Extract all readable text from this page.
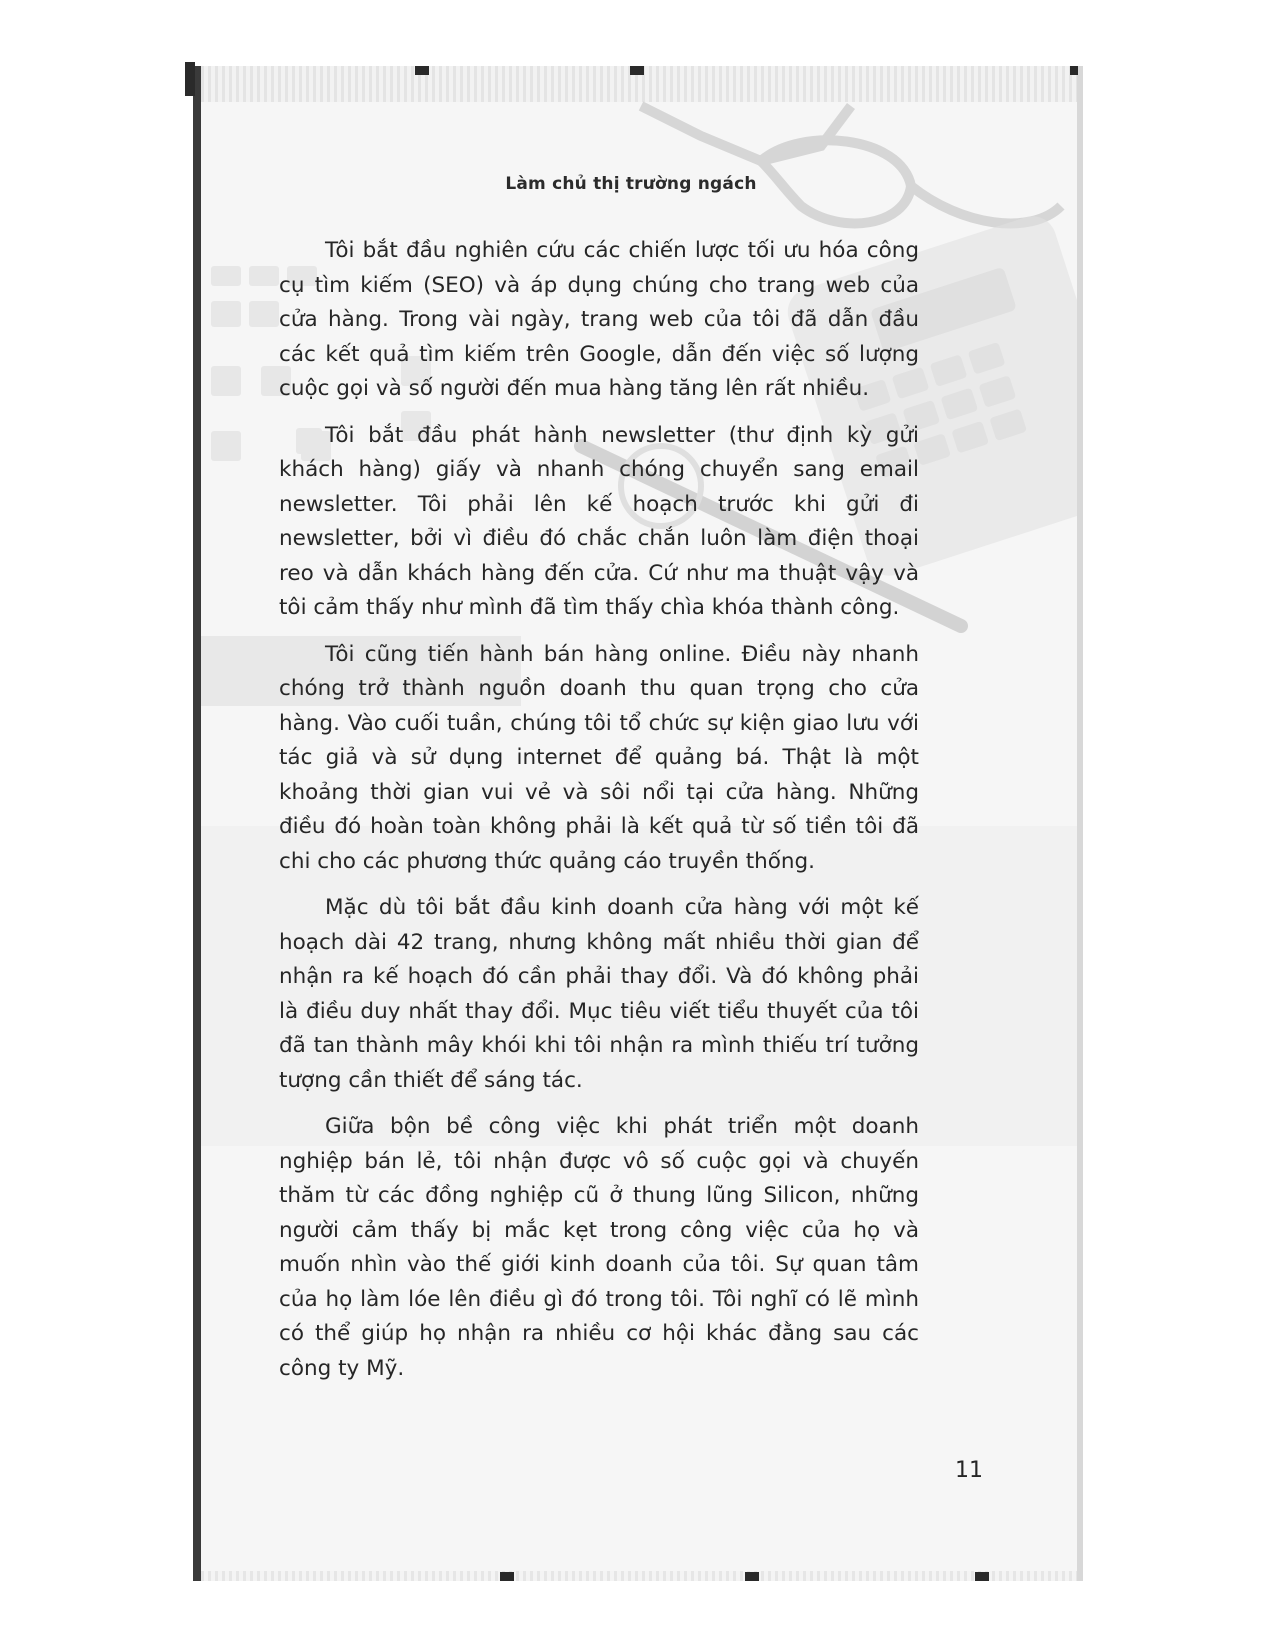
Làm chủ thị trường ngách

Tôi bắt đầu nghiên cứu các chiến lược tối ưu hóa công cụ tìm kiếm (SEO) và áp dụng chúng cho trang web của cửa hàng. Trong vài ngày, trang web của tôi đã dẫn đầu các kết quả tìm kiếm trên Google, dẫn đến việc số lượng cuộc gọi và số người đến mua hàng tăng lên rất nhiều.

Tôi bắt đầu phát hành newsletter (thư định kỳ gửi khách hàng) giấy và nhanh chóng chuyển sang email newsletter. Tôi phải lên kế hoạch trước khi gửi đi newsletter, bởi vì điều đó chắc chắn luôn làm điện thoại reo và dẫn khách hàng đến cửa. Cứ như ma thuật vậy và tôi cảm thấy như mình đã tìm thấy chìa khóa thành công.

Tôi cũng tiến hành bán hàng online. Điều này nhanh chóng trở thành nguồn doanh thu quan trọng cho cửa hàng. Vào cuối tuần, chúng tôi tổ chức sự kiện giao lưu với tác giả và sử dụng internet để quảng bá. Thật là một khoảng thời gian vui vẻ và sôi nổi tại cửa hàng. Những điều đó hoàn toàn không phải là kết quả từ số tiền tôi đã chi cho các phương thức quảng cáo truyền thống.

Mặc dù tôi bắt đầu kinh doanh cửa hàng với một kế hoạch dài 42 trang, nhưng không mất nhiều thời gian để nhận ra kế hoạch đó cần phải thay đổi. Và đó không phải là điều duy nhất thay đổi. Mục tiêu viết tiểu thuyết của tôi đã tan thành mây khói khi tôi nhận ra mình thiếu trí tưởng tượng cần thiết để sáng tác.

Giữa bộn bề công việc khi phát triển một doanh nghiệp bán lẻ, tôi nhận được vô số cuộc gọi và chuyến thăm từ các đồng nghiệp cũ ở thung lũng Silicon, những người cảm thấy bị mắc kẹt trong công việc của họ và muốn nhìn vào thế giới kinh doanh của tôi. Sự quan tâm của họ làm lóe lên điều gì đó trong tôi. Tôi nghĩ có lẽ mình có thể giúp họ nhận ra nhiều cơ hội khác đằng sau các công ty Mỹ.

11
